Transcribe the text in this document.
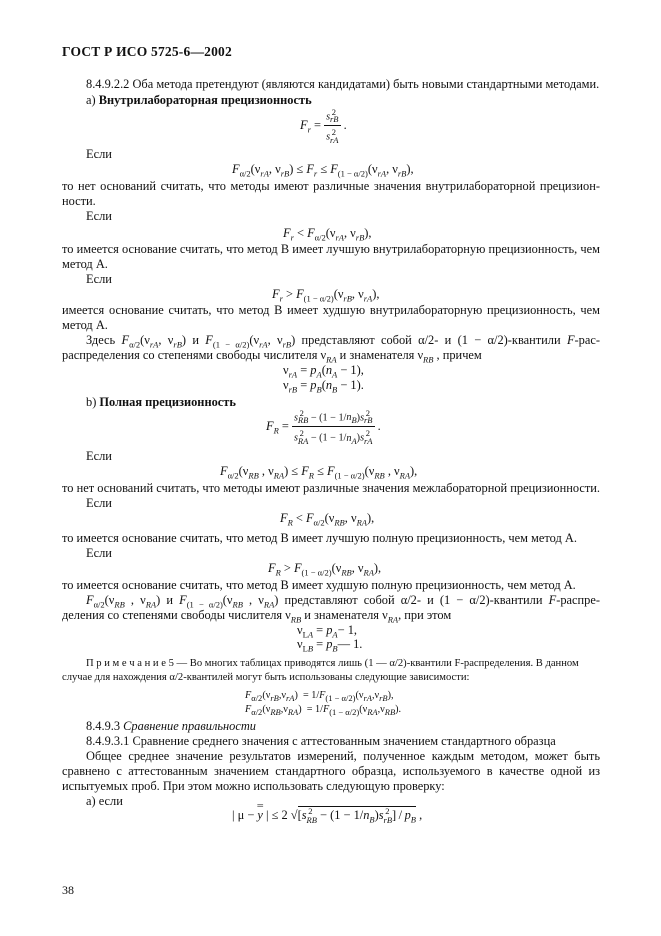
ГОСТ Р ИСО 5725-6—2002
8.4.9.2.2 Оба метода претендуют (являются кандидатами) быть новыми стандартными методами.
а) Внутрилабораторная прецизионность
$F_r = \frac{s ^2_{rB}}{s ^2_{rA}}$ .
Если
$F_{\alpha/2}(\nu_{rA}$, $\nu_{rB}) \le F_r \le F_{(1 - \alpha/2)}(\nu_{rA}$, $\nu_{rB}$),
то нет оснований считать, что методы имеют различные значения внутрилабораторной прецизион-
ности.
Если
$F_r < F_{\alpha/2}(\nu_{rA}$, $\nu_{rB}$),
то имеется основание считать, что метод B имеет лучшую внутрилабораторную прецизионность, чем
метод A.
Если
$F_r > F_{(1 - \alpha/2)}(\nu_{rB}$, $\nu_{rA}$),
имеется основание считать, что метод B имеет худшую внутрилабораторную прецизионность, чем
метод A.
Здесь $F_{\alpha/2}(\nu_{rA}$, $\nu_{rB}$) и $F_{(1 - \alpha/2)}(\nu_{rA}$, $\nu_{rB}$) представляют собой α/2- и (1 − α/2)-квантили F-рас-
распределения со степенями свободы числителя $\nu_{RA}$ и знаменателя $\nu_{RB}$ , причем
$\nu_{rA} = p_A(n_A - 1)$,
$\nu_{rB} = p_B(n_B - 1)$.
b) Полная прецизионность
$F_R = \frac{s ^2_{RB} - (1 - 1/n_B)s ^2_{rB}}{s ^2_{RA} - (1 - 1/n_A)s ^2_{rA}}$ .
Если
$F_{\alpha/2}(\nu_{RB}$ , $\nu_{RA}) \le F_R \le F_{(1 - \alpha/2)}(\nu_{RB}$ , $\nu_{RA}$),
то нет оснований считать, что методы имеют различные значения межлабораторной прецизионности.
Если
$F_R < F_{\alpha/2}(\nu_{RB}$, $\nu_{RA}$),
то имеется основание считать, что метод B имеет лучшую полную прецизионность, чем метод A.
Если
$F_R > F_{(1 - \alpha/2)}(\nu_{RB}$, $\nu_{RA}$),
то имеется основание считать, что метод B имеет худшую полную прецизионность, чем метод A.
$F_{\alpha/2}(\nu_{RB}$ , $\nu_{RA}$) и $F_{(1 - \alpha/2)}(\nu_{RB}$ , $\nu_{RA}$) представляют собой α/2- и (1 − α/2)-квантили F-распре-
деления со степенями свободы числителя $\nu_{RB}$ и знаменателя $\nu_{RA}$, при этом
$\nu_{LA} = p_A- 1$,
$\nu_{LB}$ = $p_B—$ 1.
П р и м е ч а н и е 5 — Во многих таблицах приводятся лишь (1 — α/2)-квантили F-распределения. В данном
случае для нахождения α/2-квантилей могут быть использованы следующие зависимости:
$F_{\alpha/2}(\nu_{rB},\nu_{rA}) = 1/F_{(1 - \alpha/2)}(\nu_{rA},\nu_{rB})$,
$F_{\alpha/2}(\nu_{RB},\nu_{RA}) = 1/F_{(1 - \alpha/2)}(\nu_{RA},\nu_{RB})$.
8.4.9.3 Сравнение правильности
8.4.9.3.1 Сравнение среднего значения с аттестованным значением стандартного образца
Общее среднее значение результатов измерений, полученное каждым методом, может быть
сравнено с аттестованным значением стандартного образца, используемого в качестве одной из
испытуемых проб. При этом можно использовать следующую проверку:
a) если
| μ − y
═
| ≤ 2 √[s $^2_{RB} - (1 - 1/n_B)s$ $^2_{rB}] / p_B$ ,
38
